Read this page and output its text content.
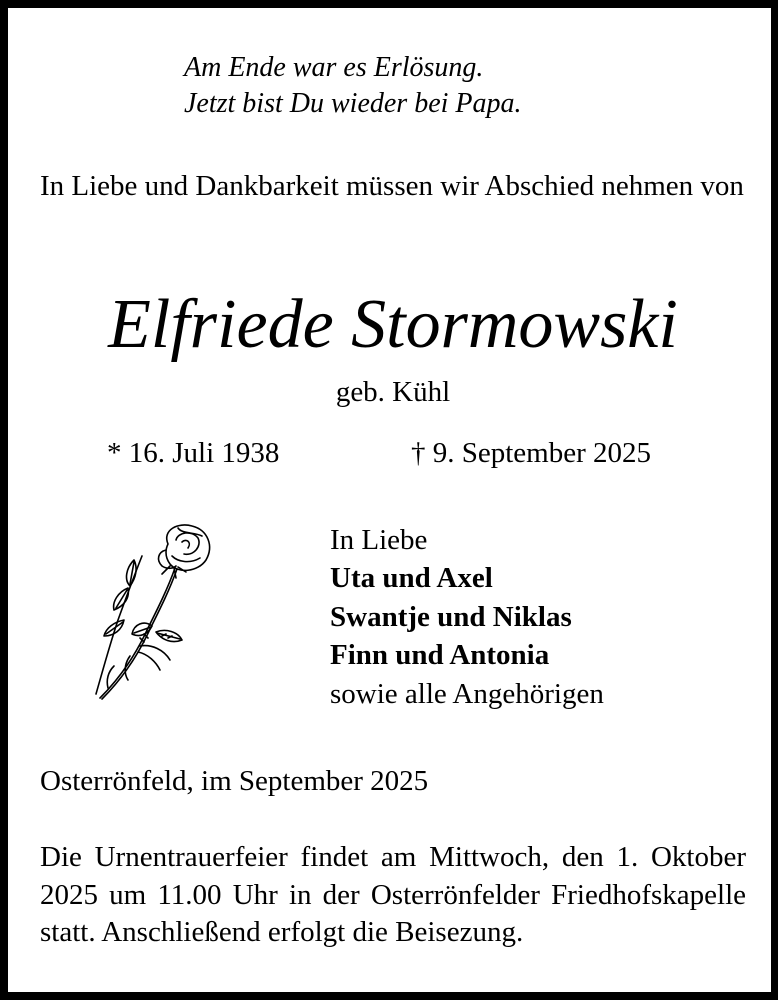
Am Ende war es Erlösung.

Jetzt bist Du wieder bei Papa.

In Liebe und Dankbarkeit müssen wir Abschied nehmen von

Elfriede Stormowski

geb. Kühl

* 16. Juli 1938	† 9. September 2025

In Liebe

Uta und Axel

Swantje und Niklas

Finn und Antonia

sowie alle Angehörigen

Osterrönfeld, im September 2025

Die Urnentrauerfeier findet am Mittwoch, den 1. Oktober 2025 um 11.00 Uhr in der Osterrönfelder Friedhofskapelle statt. Anschließend erfolgt die Beisezung.
